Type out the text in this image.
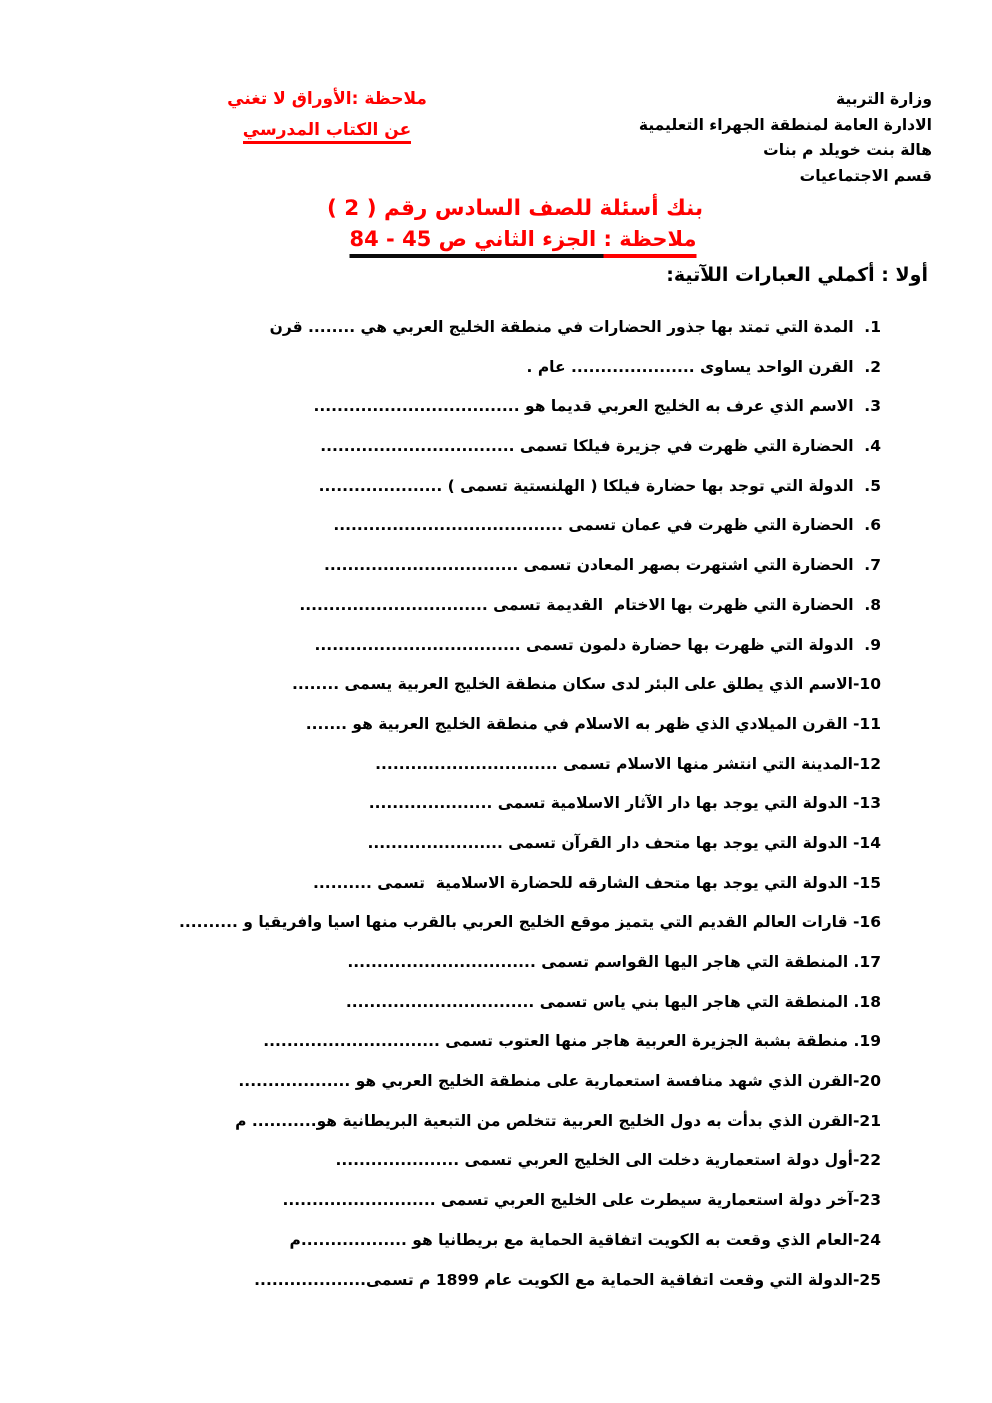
ملاحظة :الأوراق لا تغني
عن الكتاب المدرسي
وزارة التربية
الادارة العامة لمنطقة الجهراء التعليمية
هالة بنت خويلد م بنات
قسم الاجتماعيات
بنك أسئلة للصف السادس رقم ( 2 )
ملاحظة : الجزء الثاني ص 45 - 84
أولا : أكملي العبارات اللآتية:
1.  المدة التي تمتد بها جذور الحضارات في منطقة الخليج العربي هي ........ قرن
2.  القرن الواحد يساوى ..................... عام .
3.  الاسم الذي عرف به الخليج العربي قديما هو ...................................
4.  الحضارة التي ظهرت في جزيرة فيلكا تسمى .................................
5.  الدولة التي توجد بها حضارة فيلكا ( الهلنستية تسمى ) .....................
6.  الحضارة التي ظهرت في عمان تسمى .......................................
7.  الحضارة التي اشتهرت بصهر المعادن تسمى .................................
8.  الحضارة التي ظهرت بها الاختام  القديمة تسمى ................................
9.  الدولة التي ظهرت بها حضارة دلمون تسمى ...................................
10-الاسم الذي يطلق على البئر لدى سكان منطقة الخليج العربية يسمى ........
11- القرن الميلادي الذي ظهر به الاسلام في منطقة الخليج العربية هو .......
12-المدينة التي انتشر منها الاسلام تسمى ...............................
13- الدولة التي يوجد بها دار الآثار الاسلامية تسمى .....................
14- الدولة التي يوجد بها متحف دار القرآن تسمى .......................
15- الدولة التي يوجد بها متحف الشارقه للحضارة الاسلامية  تسمى ..........
16- قارات العالم القديم التي يتميز موقع الخليج العربي بالقرب منها اسيا وافريقيا و ..........
17. المنطقة التي هاجر اليها القواسم تسمى ................................
18. المنطقة التي هاجر اليها بني ياس تسمى ................................
19. منطقة بشبة الجزيرة العربية هاجر منها العتوب تسمى ..............................
20-القرن الذي شهد منافسة استعمارية على منطقة الخليج العربي هو ...................
21-القرن الذي بدأت به دول الخليج العربية تتخلص من التبعية البريطانية هو........... م
22-أول دولة استعمارية دخلت الى الخليج العربي تسمى .....................
23-آخر دولة استعمارية سيطرت على الخليج العربي تسمى ..........................
24-العام الذي وقعت به الكويت اتفاقية الحماية مع بريطانيا هو ..................م
25-الدولة التي وقعت اتفاقية الحماية مع الكويت عام 1899 م تسمى...................
